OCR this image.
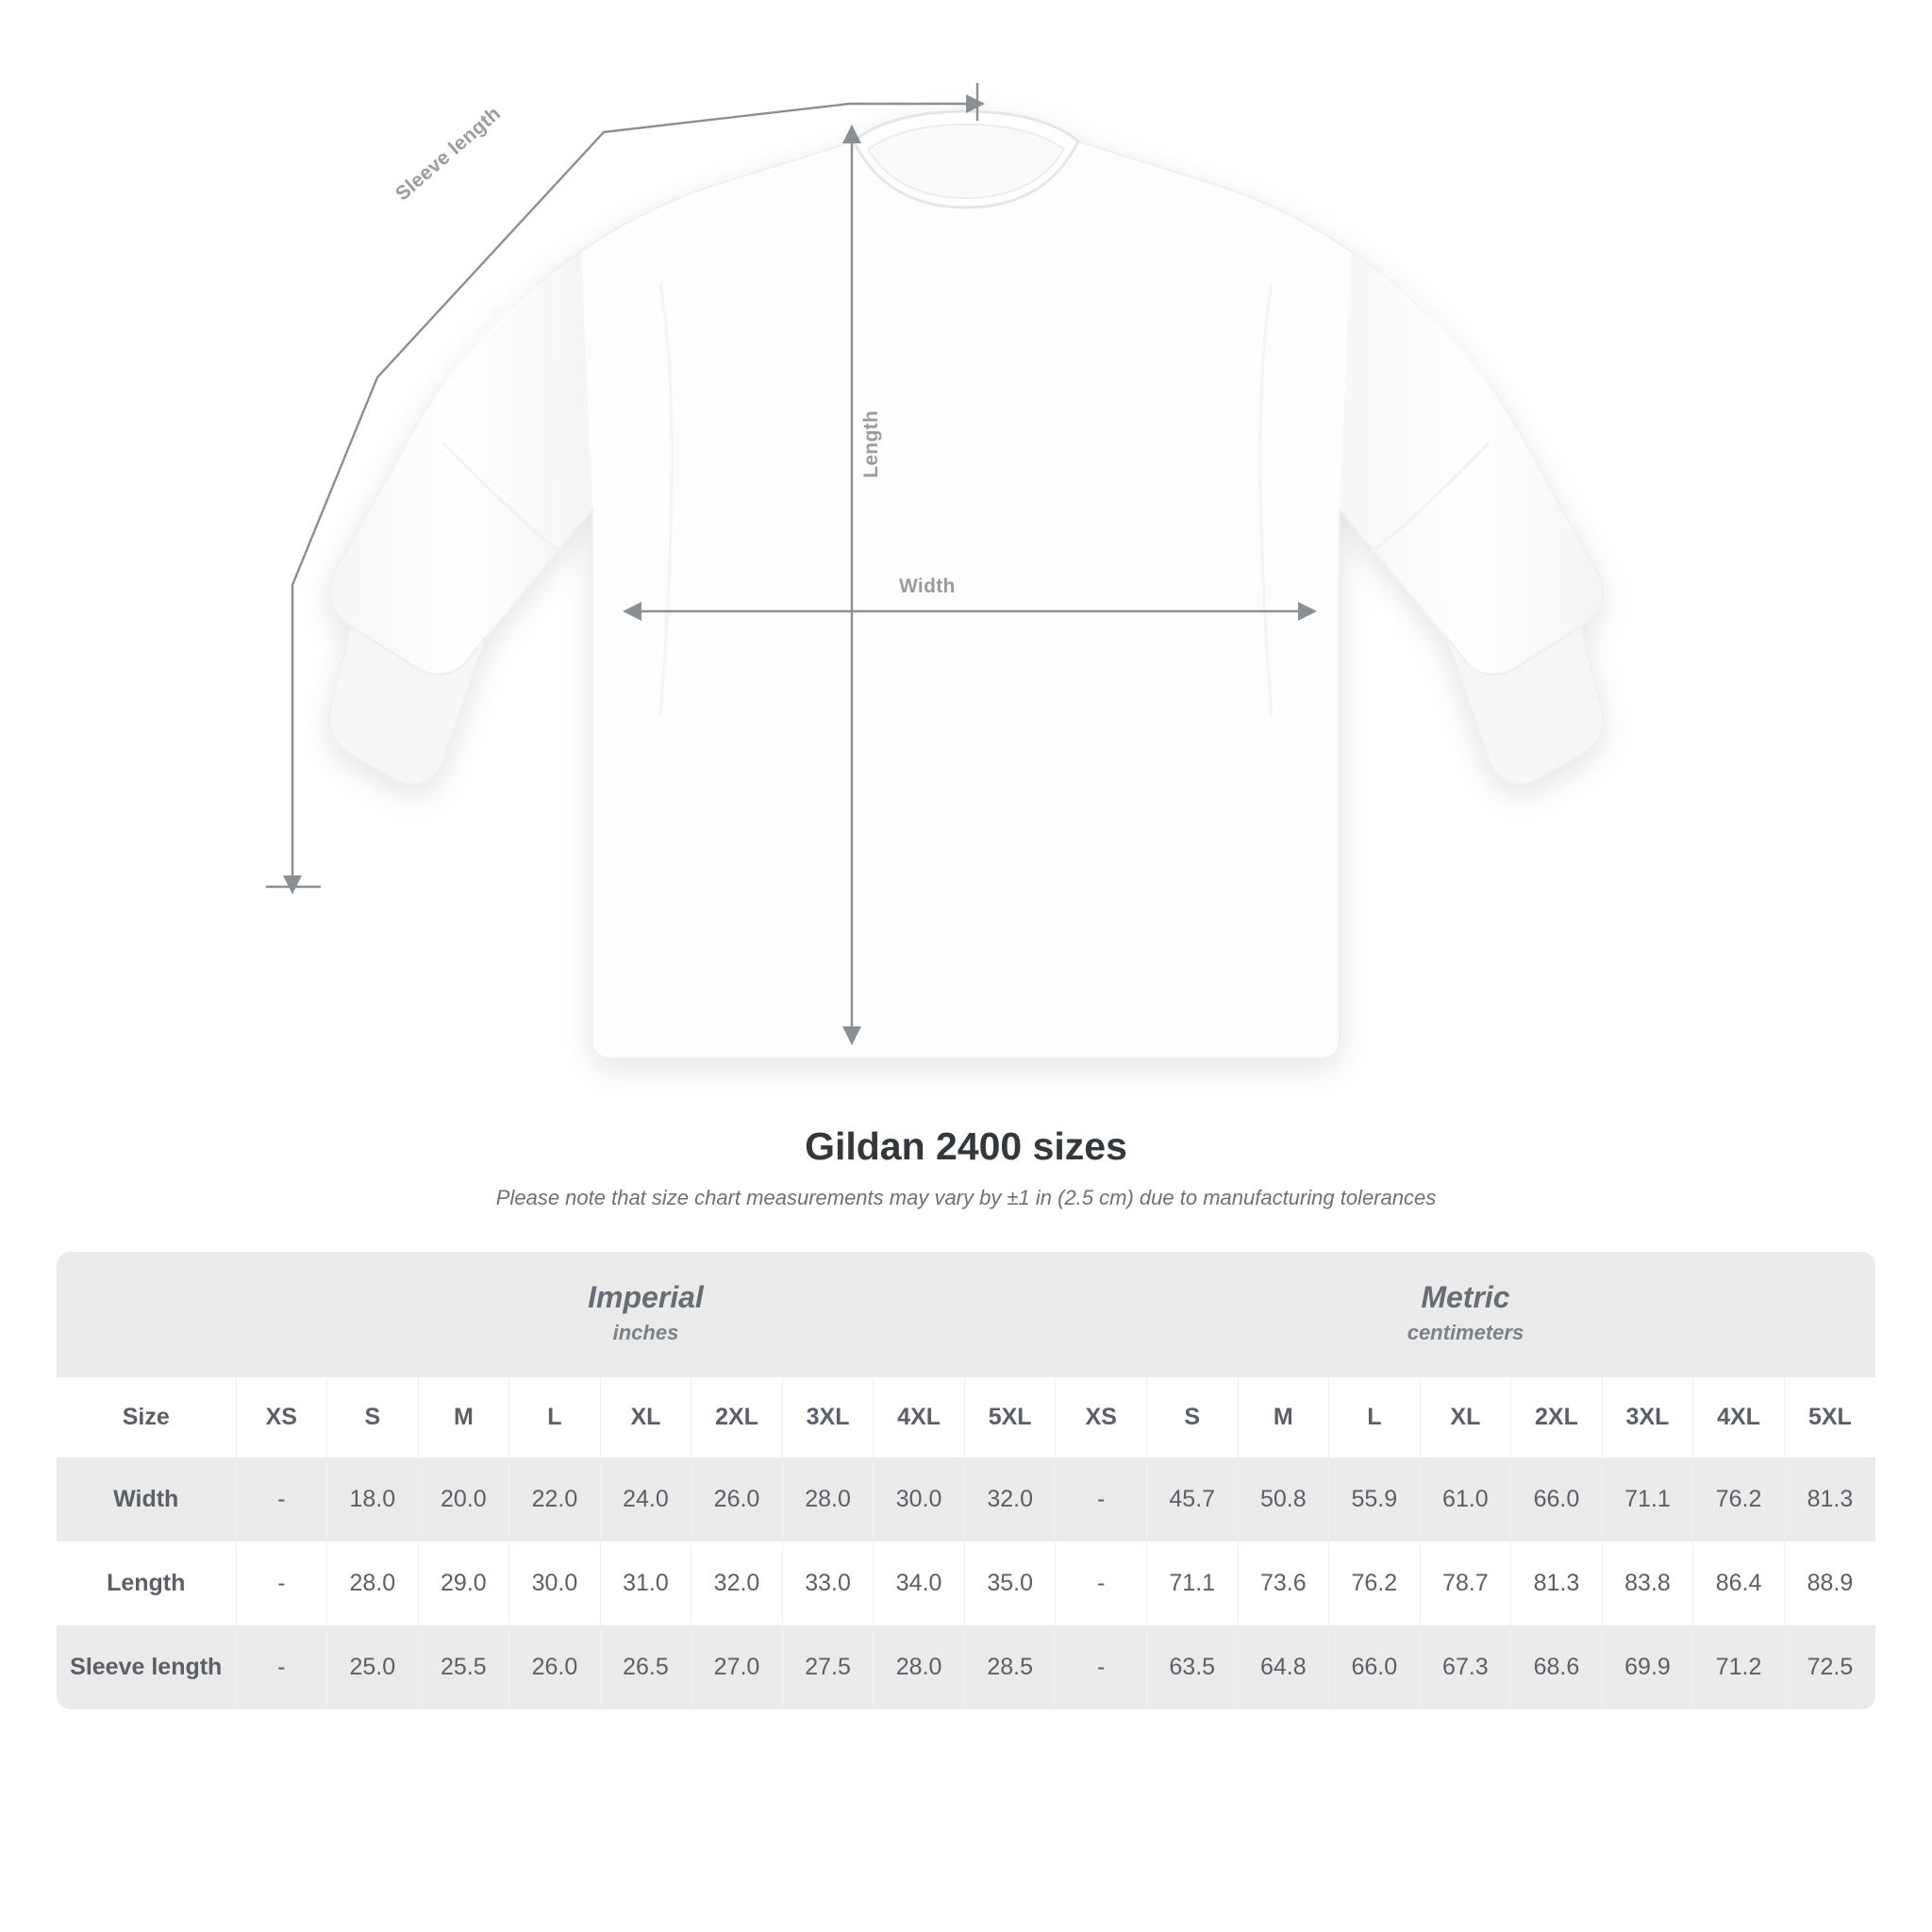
Length
Width
Sleeve length
Gildan 2400 sizes

Please note that size chart measurements may vary by ±1 in (2.5 cm) due to manufacturing tolerances

	Imperial
inches									Metric
centimeters								

Size	XS	S	M	L	XL	2XL	3XL	4XL	5XL	XS	S	M	L	XL	2XL	3XL	4XL	5XL
Width	-	18.0	20.0	22.0	24.0	26.0	28.0	30.0	32.0	-	45.7	50.8	55.9	61.0	66.0	71.1	76.2	81.3
Length	-	28.0	29.0	30.0	31.0	32.0	33.0	34.0	35.0	-	71.1	73.6	76.2	78.7	81.3	83.8	86.4	88.9
Sleeve length	-	25.0	25.5	26.0	26.5	27.0	27.5	28.0	28.5	-	63.5	64.8	66.0	67.3	68.6	69.9	71.2	72.5
